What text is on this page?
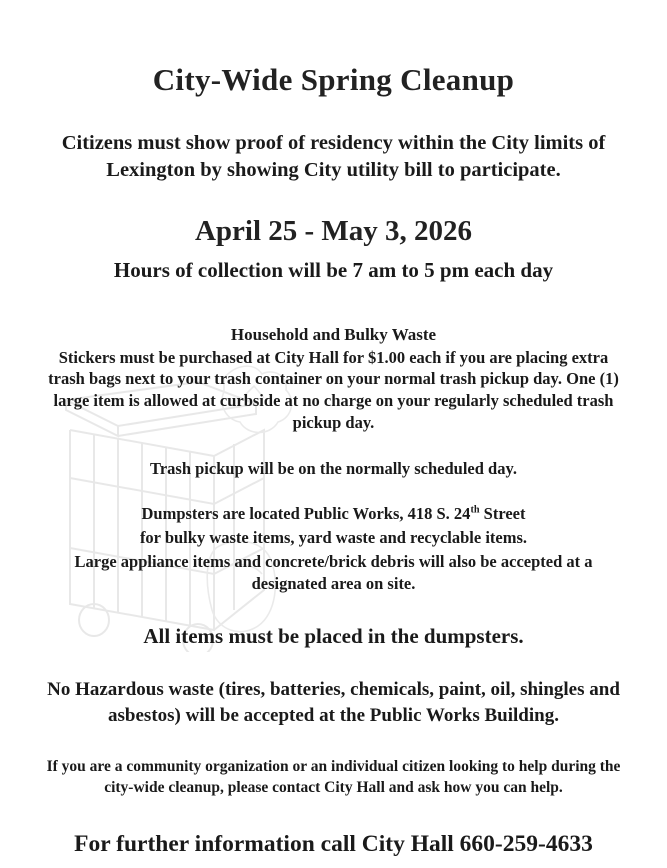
City-Wide Spring Cleanup
Citizens must show proof of residency within the City limits of Lexington by showing City utility bill to participate.
April 25 - May 3, 2026
Hours of collection will be 7 am to 5 pm each day
Household and Bulky Waste
Stickers must be purchased at City Hall for $1.00 each if you are placing extra trash bags next to your trash container on your normal trash pickup day. One (1) large item is allowed at curbside at no charge on your regularly scheduled trash pickup day.
Trash pickup will be on the normally scheduled day.
Dumpsters are located Public Works, 418 S. 24th Street
for bulky waste items, yard waste and recyclable items.
Large appliance items and concrete/brick debris will also be accepted at a designated area on site.
All items must be placed in the dumpsters.
No Hazardous waste (tires, batteries, chemicals, paint, oil, shingles and asbestos) will be accepted at the Public Works Building.
If you are a community organization or an individual citizen looking to help during the city-wide cleanup, please contact City Hall and ask how you can help.
For further information call City Hall 660-259-4633
